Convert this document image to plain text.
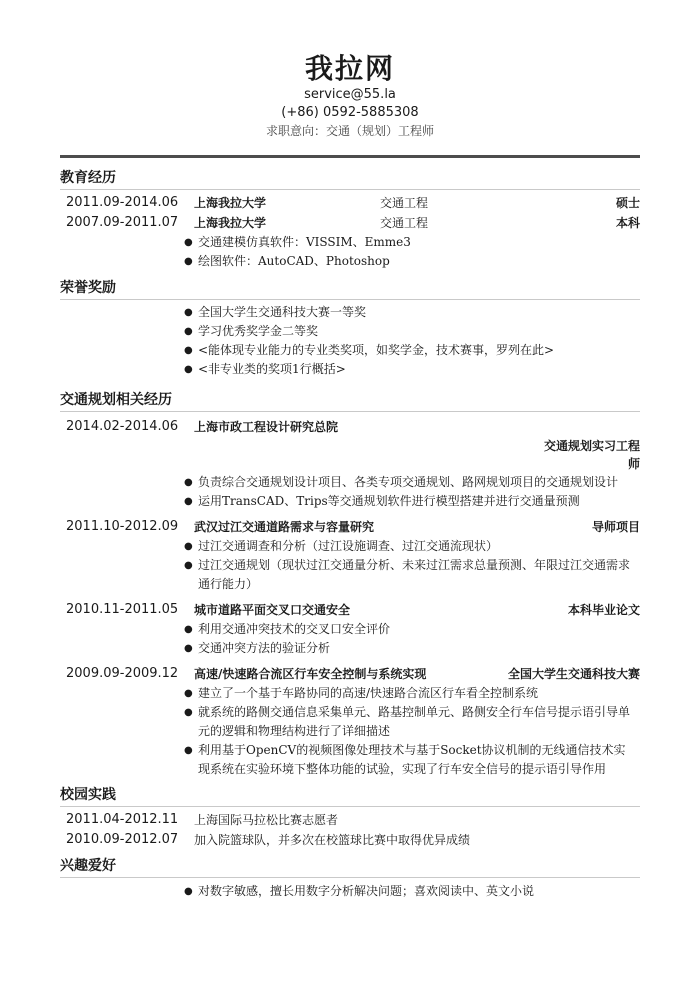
我拉网
service@55.la
(+86) 0592-5885308
求职意向：交通（规划）工程师
教育经历
2011.09-2014.06 上海我拉大学	交通工程	硕士
2007.09-2011.07 上海我拉大学	交通工程	本科
● 交通建模仿真软件：VISSIM、Emme3
● 绘图软件：AutoCAD、Photoshop
荣誉奖励
● 全国大学生交通科技大赛一等奖
● 学习优秀奖学金二等奖
● <能体现专业能力的专业类奖项，如奖学金，技术赛事，罗列在此>
● <非专业类的奖项1行概括>
交通规划相关经历
2014.02-2014.06 上海市政工程设计研究总院
交通规划实习工程
师
● 负责综合交通规划设计项目、各类专项交通规划、路网规划项目的交通规划设计
● 运用TransCAD、Trips等交通规划软件进行模型搭建并进行交通量预测
2011.10-2012.09 武汉过江交通道路需求与容量研究	导师项目
● 过江交通调查和分析（过江设施调查、过江交通流现状）
● 过江交通规划（现状过江交通量分析、未来过江需求总量预测、年限过江交通需求通行能力）
2010.11-2011.05 城市道路平面交叉口交通安全	本科毕业论文
● 利用交通冲突技术的交叉口安全评价
● 交通冲突方法的验证分析
2009.09-2009.12 高速/快速路合流区行车安全控制与系统实现	全国大学生交通科技大赛
● 建立了一个基于车路协同的高速/快速路合流区行车看全控制系统
● 就系统的路侧交通信息采集单元、路基控制单元、路侧安全行车信号提示语引导单元的逻辑和物理结构进行了详细描述
● 利用基于OpenCV的视频图像处理技术与基于Socket协议机制的无线通信技术实现系统在实验环境下整体功能的试验，实现了行车安全信号的提示语引导作用
校园实践
2011.04-2012.11 上海国际马拉松比赛志愿者
2010.09-2012.07 加入院篮球队，并多次在校篮球比赛中取得优异成绩
兴趣爱好
● 对数字敏感，擅长用数字分析解决问题；喜欢阅读中、英文小说
